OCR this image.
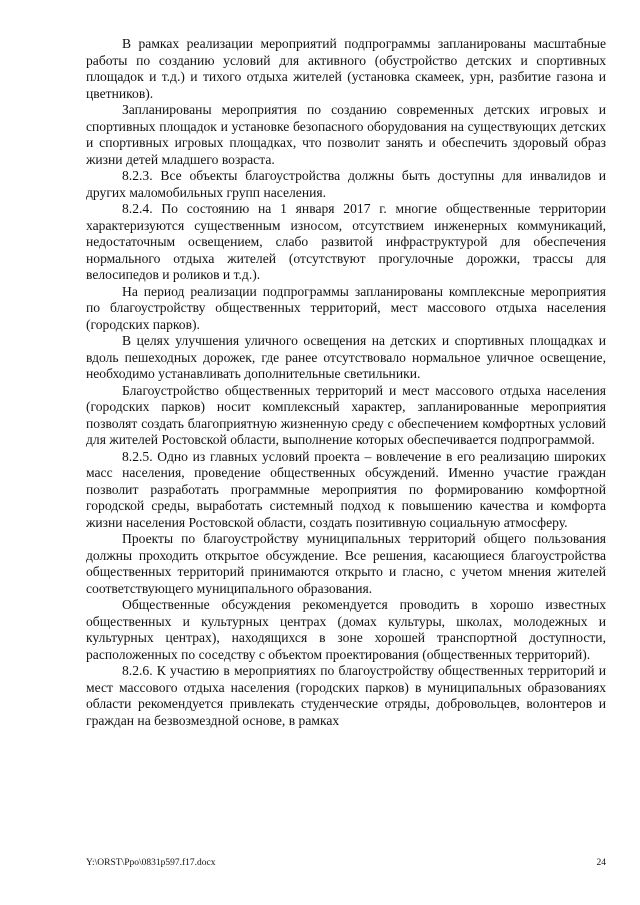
В рамках реализации мероприятий подпрограммы запланированы масштабные работы по созданию условий для активного (обустройство детских и спортивных площадок и т.д.) и тихого отдыха жителей (установка скамеек, урн, разбитие газона и цветников).

Запланированы мероприятия по созданию современных детских игровых и спортивных площадок и установке безопасного оборудования на существующих детских и спортивных игровых площадках, что позволит занять и обеспечить здоровый образ жизни детей младшего возраста.

8.2.3. Все объекты благоустройства должны быть доступны для инвалидов и других маломобильных групп населения.

8.2.4. По состоянию на 1 января 2017 г. многие общественные территории характеризуются существенным износом, отсутствием инженерных коммуникаций, недостаточным освещением, слабо развитой инфраструктурой для обеспечения нормального отдыха жителей (отсутствуют прогулочные дорожки, трассы для велосипедов и роликов и т.д.).

На период реализации подпрограммы запланированы комплексные мероприятия по благоустройству общественных территорий, мест массового отдыха населения (городских парков).

В целях улучшения уличного освещения на детских и спортивных площадках и вдоль пешеходных дорожек, где ранее отсутствовало нормальное уличное освещение, необходимо устанавливать дополнительные светильники.

Благоустройство общественных территорий и мест массового отдыха населения (городских парков) носит комплексный характер, запланированные мероприятия позволят создать благоприятную жизненную среду с обеспечением комфортных условий для жителей Ростовской области, выполнение которых обеспечивается подпрограммой.

8.2.5. Одно из главных условий проекта – вовлечение в его реализацию широких масс населения, проведение общественных обсуждений. Именно участие граждан позволит разработать программные мероприятия по формированию комфортной городской среды, выработать системный подход к повышению качества и комфорта жизни населения Ростовской области, создать позитивную социальную атмосферу.

Проекты по благоустройству муниципальных территорий общего пользования должны проходить открытое обсуждение. Все решения, касающиеся благоустройства общественных территорий принимаются открыто и гласно, с учетом мнения жителей соответствующего муниципального образования.

Общественные обсуждения рекомендуется проводить в хорошо известных общественных и культурных центрах (домах культуры, школах, молодежных и культурных центрах), находящихся в зоне хорошей транспортной доступности, расположенных по соседству с объектом проектирования (общественных территорий).

8.2.6. К участию в мероприятиях по благоустройству общественных территорий и мест массового отдыха населения (городских парков) в муниципальных образованиях области рекомендуется привлекать студенческие отряды, добровольцев, волонтеров и граждан на безвозмездной основе, в рамках

Y:\ORST\Ppo\0831p597.f17.docx	24
